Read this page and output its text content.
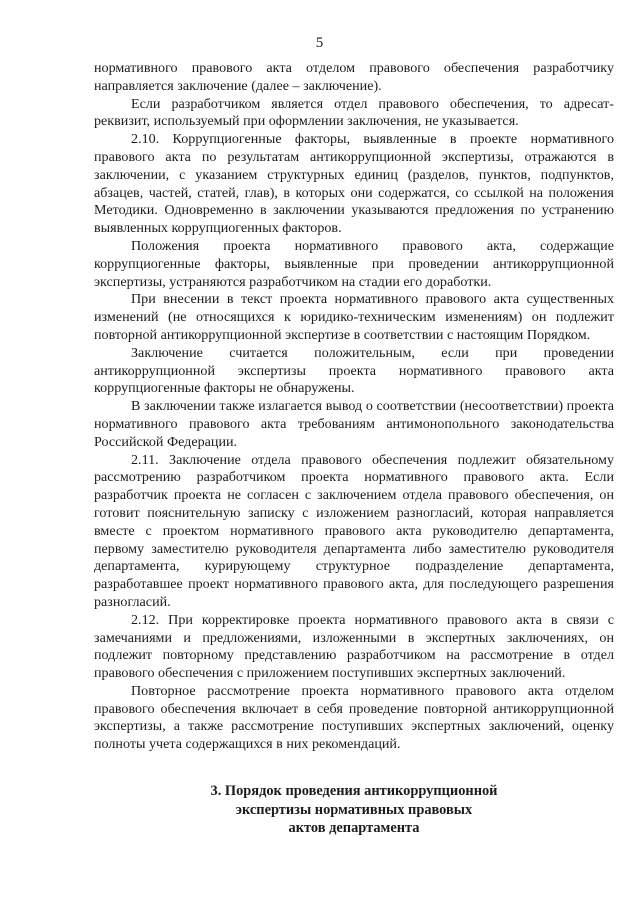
5

нормативного правового акта отделом правового обеспечения разработчику направляется заключение (далее – заключение).

Если разработчиком является отдел правового обеспечения, то адресат-реквизит, используемый при оформлении заключения, не указывается.

2.10. Коррупциогенные факторы, выявленные в проекте нормативного правового акта по результатам антикоррупционной экспертизы, отражаются в заключении, с указанием структурных единиц (разделов, пунктов, подпунктов, абзацев, частей, статей, глав), в которых они содержатся, со ссылкой на положения Методики. Одновременно в заключении указываются предложения по устранению выявленных коррупциогенных факторов.

Положения проекта нормативного правового акта, содержащие коррупциогенные факторы, выявленные при проведении антикоррупционной экспертизы, устраняются разработчиком на стадии его доработки.

При внесении в текст проекта нормативного правового акта существенных изменений (не относящихся к юридико-техническим изменениям) он подлежит повторной антикоррупционной экспертизе в соответствии с настоящим Порядком.

Заключение считается положительным, если при проведении антикоррупционной экспертизы проекта нормативного правового акта коррупциогенные факторы не обнаружены.

В заключении также излагается вывод о соответствии (несоответствии) проекта нормативного правового акта требованиям антимонопольного законодательства Российской Федерации.

2.11. Заключение отдела правового обеспечения подлежит обязательному рассмотрению разработчиком проекта нормативного правового акта. Если разработчик проекта не согласен с заключением отдела правового обеспечения, он готовит пояснительную записку с изложением разногласий, которая направляется вместе с проектом нормативного правового акта руководителю департамента, первому заместителю руководителя департамента либо заместителю руководителя департамента, курирующему структурное подразделение департамента, разработавшее проект нормативного правового акта, для последующего разрешения разногласий.

2.12. При корректировке проекта нормативного правового акта в связи с замечаниями и предложениями, изложенными в экспертных заключениях, он подлежит повторному представлению разработчиком на рассмотрение в отдел правового обеспечения с приложением поступивших экспертных заключений.

Повторное рассмотрение проекта нормативного правового акта отделом правового обеспечения включает в себя проведение повторной антикоррупционной экспертизы, а также рассмотрение поступивших экспертных заключений, оценку полноты учета содержащихся в них рекомендаций.

3. Порядок проведения антикоррупционной
экспертизы нормативных правовых
актов департамента
